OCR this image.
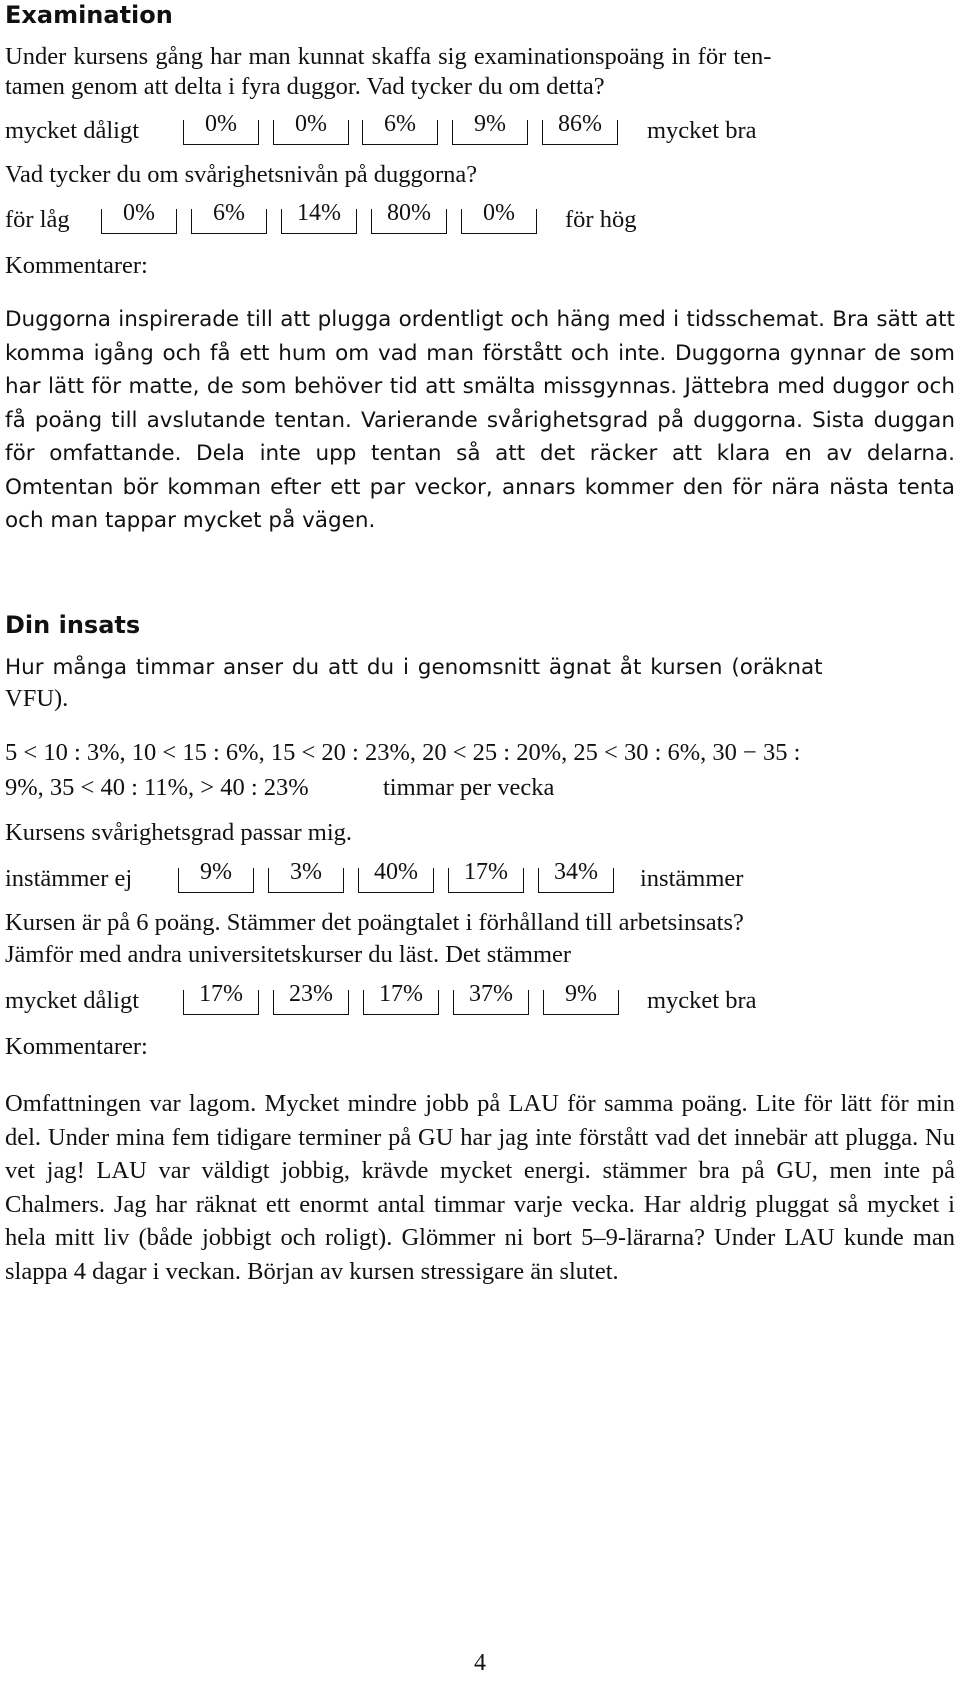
Examination
Under kursens gång har man kunnat skaffa sig examinationspoäng in för ten-
tamen genom att delta i fyra duggor. Vad tycker du om detta?
mycket dåligt	0%	0%	6%	9%	86%	mycket bra
Vad tycker du om svårighetsnivån på duggorna?
för låg	0%	6%	14%	80%	0%	för hög
Kommentarer:
Duggorna inspirerade till att plugga ordentligt och häng med i tidsschemat. Bra sätt att komma igång och få ett hum om vad man förstått och inte. Duggorna gynnar de som har lätt för matte, de som behöver tid att smälta missgynnas. Jättebra med duggor och få poäng till avslutande tentan. Varierande svårighetsgrad på duggorna. Sista duggan för omfattande. Dela inte upp tentan så att det räcker att klara en av delarna. Omtentan bör komman efter ett par veckor, annars kommer den för nära nästa tenta och man tappar mycket på vägen.
Din insats
Hur många timmar anser du att du i genomsnitt ägnat åt kursen (oräknat
VFU).
5 < 10 : 3%, 10 < 15 : 6%, 15 < 20 : 23%, 20 < 25 : 20%, 25 < 30 : 6%, 30 − 35 :
9%, 35 < 40 : 11%, > 40 : 23%	timmar per vecka
Kursens svårighetsgrad passar mig.
instämmer ej	9%	3%	40%	17%	34%	instämmer
Kursen är på 6 poäng. Stämmer det poängtalet i förhålland till arbetsinsats?
Jämför med andra universitetskurser du läst. Det stämmer
mycket dåligt	17%	23%	17%	37%	9%	mycket bra
Kommentarer:
Omfattningen var lagom. Mycket mindre jobb på LAU för samma poäng. Lite för lätt för min del. Under mina fem tidigare terminer på GU har jag inte förstått vad det innebär att plugga. Nu vet jag! LAU var väldigt jobbig, krävde mycket energi. stämmer bra på GU, men inte på Chalmers. Jag har räknat ett enormt antal timmar varje vecka. Har aldrig pluggat så mycket i hela mitt liv (både jobbigt och roligt). Glömmer ni bort 5–9-lärarna? Under LAU kunde man slappa 4 dagar i veckan. Början av kursen stressigare än slutet.
4
